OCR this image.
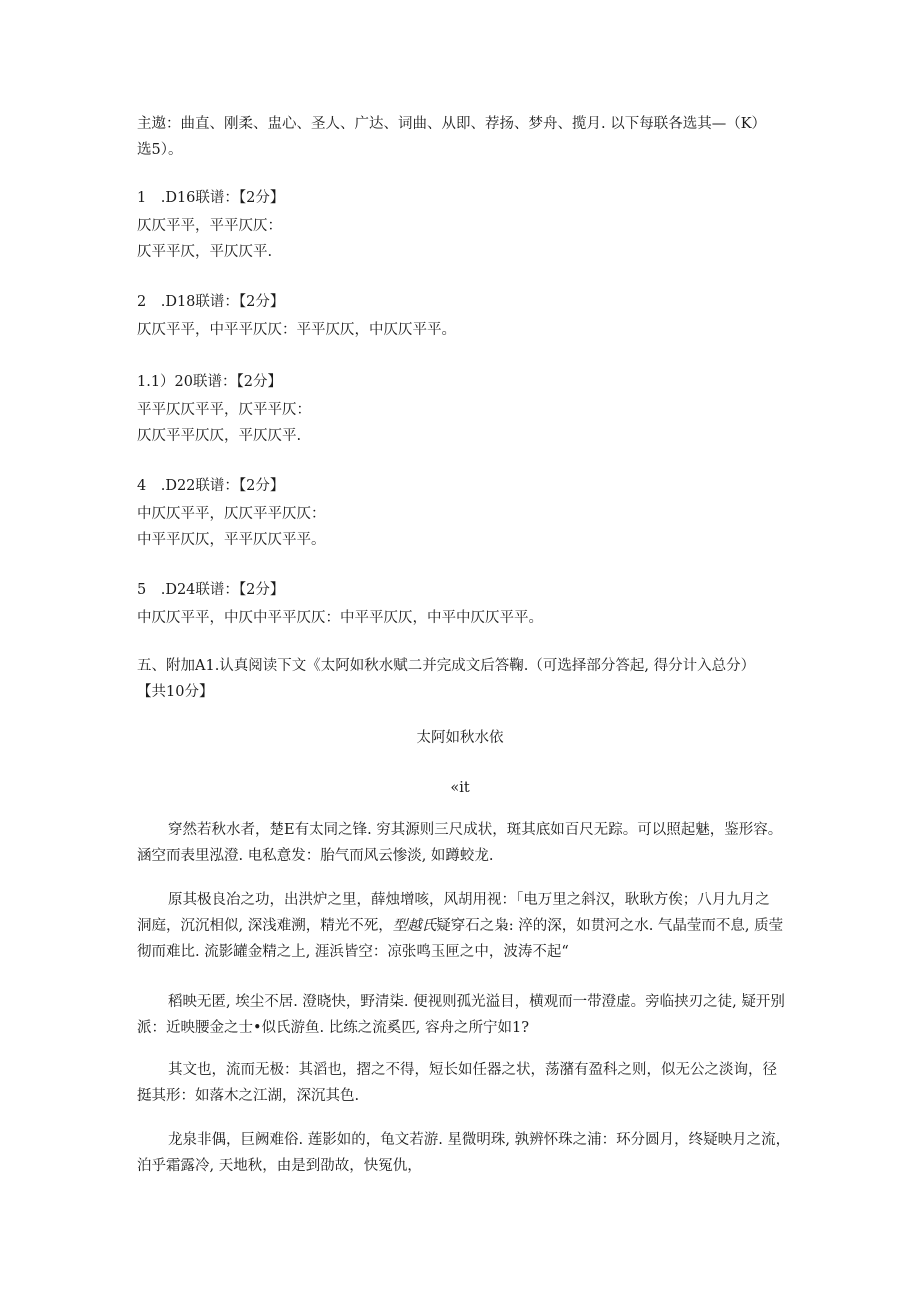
主遨：曲直、刚柔、盅心、圣人、广达、词曲、从即、荐扬、梦舟、揽月. 以下每联各选其—（K）
选5）。
1　.D16联谱：【2分】
仄仄平平，平平仄仄：
仄平平仄，平仄仄平.
2　.D18联谱：【2分】
仄仄平平，中平平仄仄：平平仄仄，中仄仄平平。
1.1）20联谱：【2分】
平平仄仄平平，仄平平仄：
仄仄平平仄仄，平仄仄平.
4　.D22联谱：【2分】
中仄仄平平，仄仄平平仄仄：
中平平仄仄，平平仄仄平平。
5　.D24联谱：【2分】
中仄仄平平，中仄中平平仄仄：中平平仄仄，中平中仄仄平平。
五、附加A1.认真阅读下文《太阿如秋水赋二并完成文后答鞠.（可选择部分答起, 得分计入总分）
【共10分】
太阿如秋水依
«it
穿然若秋水者，楚E有太同之锋. 穷其源则三尺成状，斑其底如百尺无踪。可以照起魅，鉴形容。
涵空而表里泓澄. 电私意发：胎气而风云惨淡, 如蹲蛟龙.
原其极良冶之功，出洪炉之里，薛烛增咳，风胡用视：「电万里之斜汉，耿耿方俟；八月九月之
洞庭，沉沉相似, 深浅难溯，精光不死，型越氏疑穿石之枭: 淬的深，如贯河之水. 气晶莹而不息, 质莹
彻而难比. 流影罐金精之上, 涯浜皆空：凉张鸣玉匣之中，波涛不起“
稻映无匿, 埃尘不居. 澄晓快，野清柒. 便视则孤光溢目，横观而一带澄虚。旁临挟刃之徒, 疑开别
派：近映腰金之士•似氏游鱼. 比练之流奚匹, 容舟之所宁如1?
其文也，流而无极：其滔也，摺之不得，短长如任器之状，荡潴有盈科之则，似无公之淡询，径
挺其形：如落木之江湖，深沉其色.
龙泉非偶，巨阙难俗. 莲影如的，龟文若游. 星微明珠, 孰辨怀珠之浦：环分圆月，终疑映月之流，
泊乎霜露冷, 天地秋，由是到劭故，快冤仇，
